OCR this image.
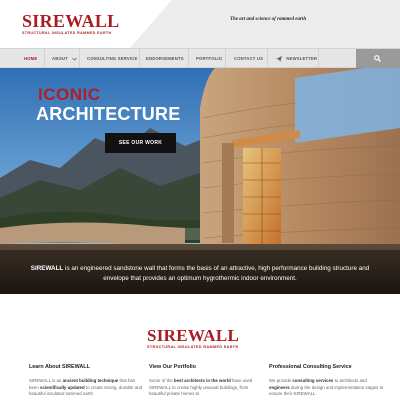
SIREWALL
STRUCTURAL INSULATED RAMMED EARTH
The art and science of rammed earth
HOME	ABOUT	CONSULTING SERVICE ENDORSEMENTS	PORTFOLIO	CONTACT US	NEWSLETTER
ICONIC
ARCHITECTURE
SEE OUR WORK
SIREWALL is an engineered sandstone wall that forms the basis of an attractive, high performance building structure and envelope that provides an optimum hygrothermic indoor environment.
SIREWALL
STRUCTURAL INSULATED RAMMED EARTH
Learn About SIREWALL
SIREWALL is an ancient building technique that has been scientifically updated to create strong, durable and beautiful insulated rammed earth
View Our Portfolio
Some of the best architects in the world have used SIREWALL to create highly unusual buildings, from beautiful private homes to
Professional Consulting Service
We provide consulting services to architects and engineers during the design and implementation stages to ensure their SIREWALL
